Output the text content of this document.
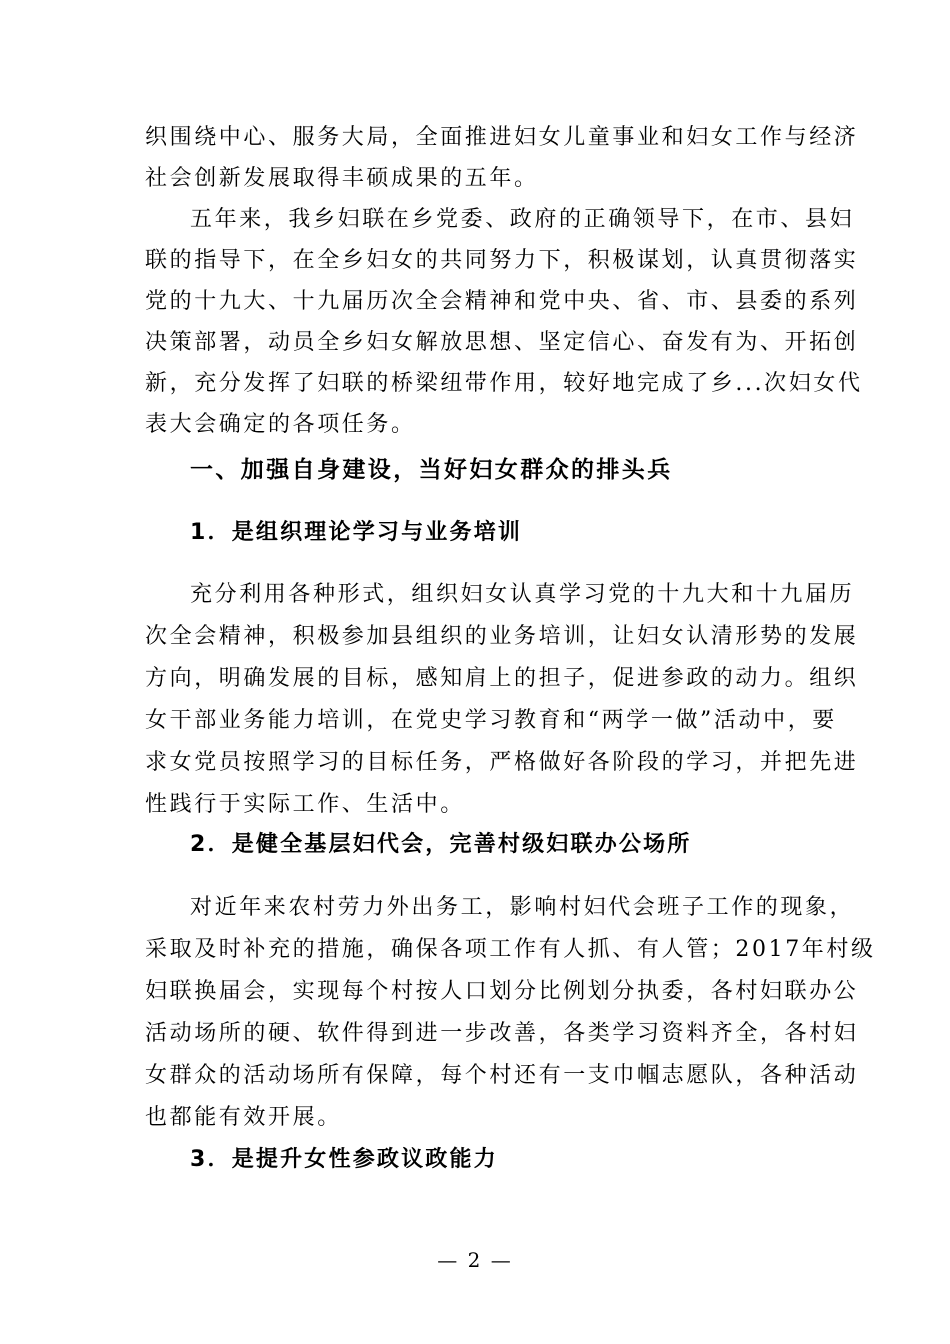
织围绕中心、服务大局，全面推进妇女儿童事业和妇女工作与经济

社会创新发展取得丰硕成果的五年。

五年来，我乡妇联在乡党委、政府的正确领导下，在市、县妇

联的指导下，在全乡妇女的共同努力下，积极谋划，认真贯彻落实

党的十九大、十九届历次全会精神和党中央、省、市、县委的系列

决策部署，动员全乡妇女解放思想、坚定信心、奋发有为、开拓创

新，充分发挥了妇联的桥梁纽带作用，较好地完成了乡...次妇女代

表大会确定的各项任务。

一、加强自身建设，当好妇女群众的排头兵
1．是组织理论学习与业务培训

充分利用各种形式，组织妇女认真学习党的十九大和十九届历

次全会精神，积极参加县组织的业务培训，让妇女认清形势的发展

方向，明确发展的目标，感知肩上的担子，促进参政的动力。组织

女干部业务能力培训，在党史学习教育和“两学一做”活动中，要

求女党员按照学习的目标任务，严格做好各阶段的学习，并把先进

性践行于实际工作、生活中。

2．是健全基层妇代会，完善村级妇联办公场所

对近年来农村劳力外出务工，影响村妇代会班子工作的现象，

采取及时补充的措施，确保各项工作有人抓、有人管；2017年村级

妇联换届会，实现每个村按人口划分比例划分执委，各村妇联办公

活动场所的硬、软件得到进一步改善，各类学习资料齐全，各村妇

女群众的活动场所有保障，每个村还有一支巾帼志愿队，各种活动

也都能有效开展。

3．是提升女性参政议政能力
— 2 —
